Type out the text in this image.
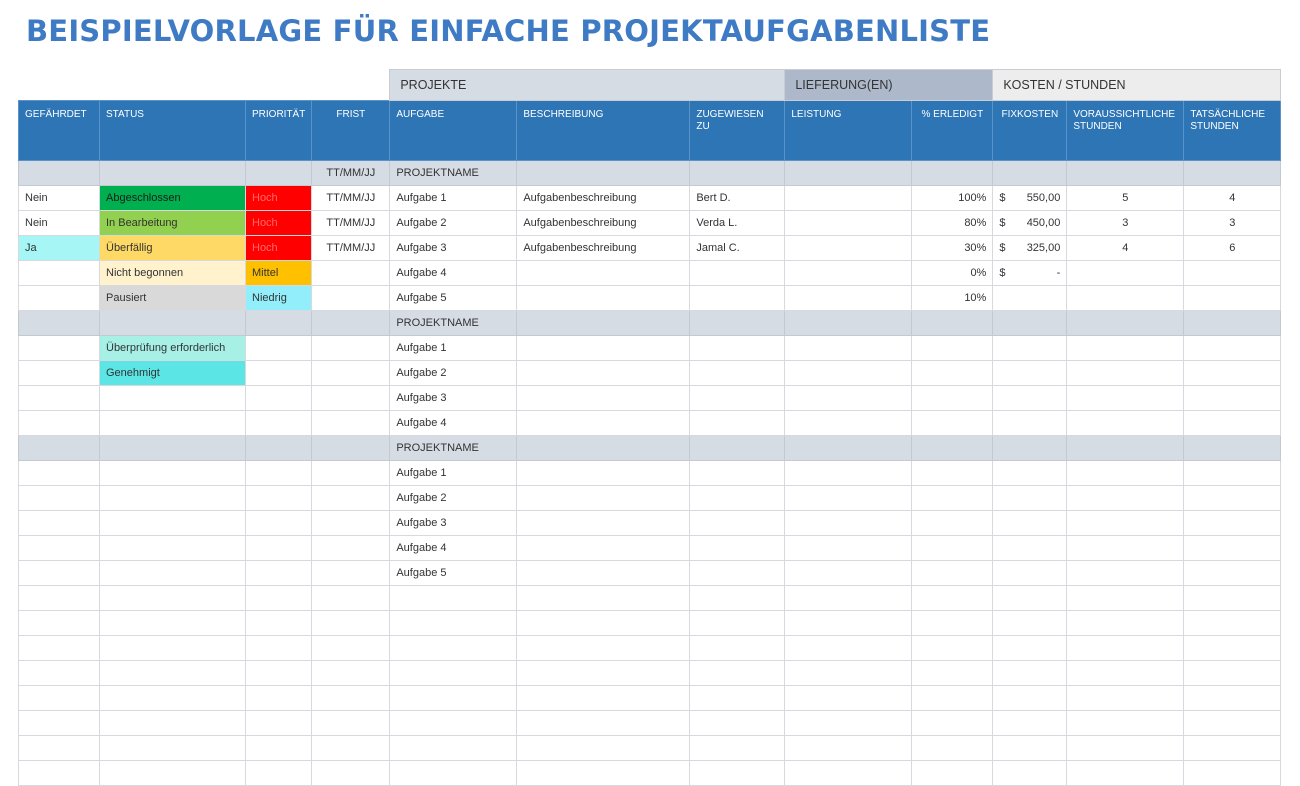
BEISPIELVORLAGE FÜR EINFACHE PROJEKTAUFGABENLISTE
				PROJEKTE			LIEFERUNG(EN)		KOSTEN / STUNDEN		
GEFÄHRDET	STATUS	PRIORITÄT	FRIST	AUFGABE	BESCHREIBUNG	ZUGEWIESEN ZU	LEISTUNG	% ERLEDIGT	FIXKOSTEN	VORAUSSICHTLICHE STUNDEN	TATSÄCHLICHE STUNDEN
			TT/MM/JJ	PROJEKTNAME							
Nein	Abgeschlossen	Hoch	TT/MM/JJ	Aufgabe 1	Aufgabenbeschreibung	Bert D.		100%	$ 550,00	5	4
Nein	In Bearbeitung	Hoch	TT/MM/JJ	Aufgabe 2	Aufgabenbeschreibung	Verda L.		80%	$ 450,00	3	3
Ja	Überfällig	Hoch	TT/MM/JJ	Aufgabe 3	Aufgabenbeschreibung	Jamal C.		30%	$ 325,00	4	6
	Nicht begonnen	Mittel		Aufgabe 4				0%	$ -		

	Pausiert	Niedrig		Aufgabe 5				10%			
				PROJEKTNAME							
	Überprüfung erforderlich			Aufgabe 1							
	Genehmigt			Aufgabe 2							
				Aufgabe 3							
				Aufgabe 4							
				PROJEKTNAME							
				Aufgabe 1							
				Aufgabe 2							
				Aufgabe 3							
				Aufgabe 4							
				Aufgabe 5							
